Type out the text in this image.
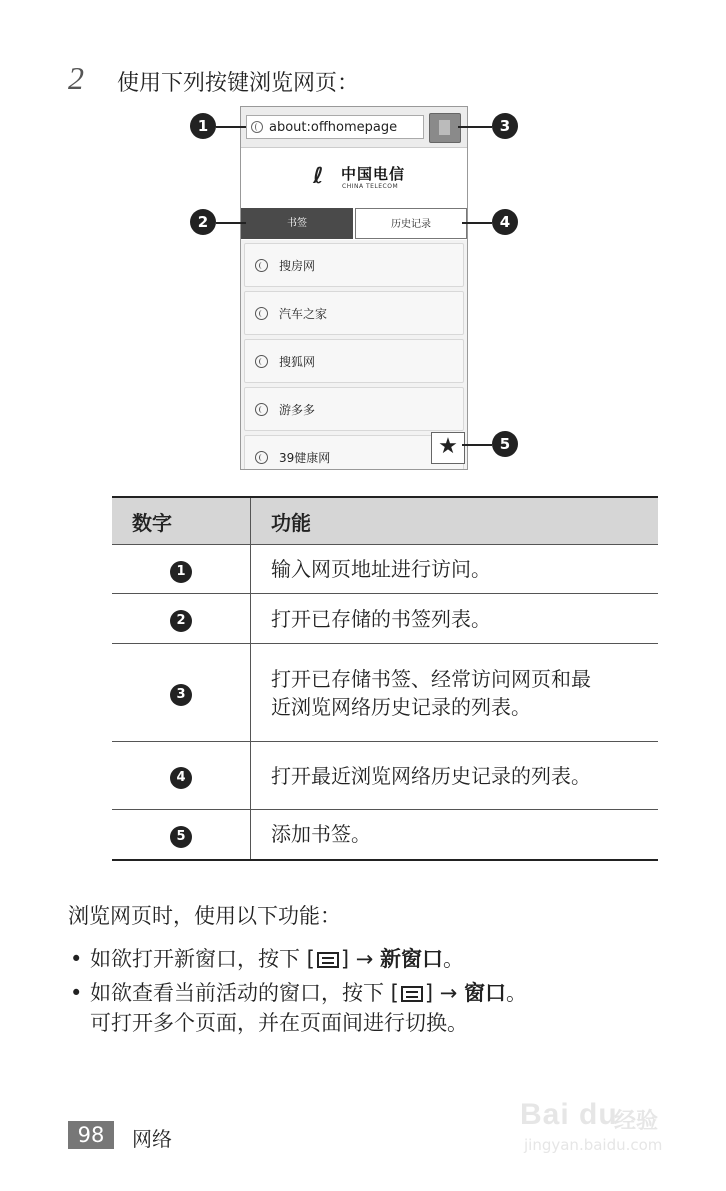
2 使用下列按键浏览网页：
about:offhomepage
ℓ 中国电信
CHINA TELECOM
书签	历史记录
搜房网
汽车之家
搜狐网
游多多
39健康网	★
1	3
2	4
5
数字	功能
1	输入网页地址进行访问。
2	打开已存储的书签列表。
3	打开已存储书签、经常访问网页和最近浏览网络历史记录的列表。
4	打开最近浏览网络历史记录的列表。
5	添加书签。
浏览网页时，使用以下功能：
• 如欲打开新窗口，按下 [ ] → 新窗口。
• 如欲查看当前活动的窗口，按下 [ ] → 窗口。
可打开多个页面，并在页面间进行切换。
98	网络
Bai du
经验
jingyan.baidu.com
